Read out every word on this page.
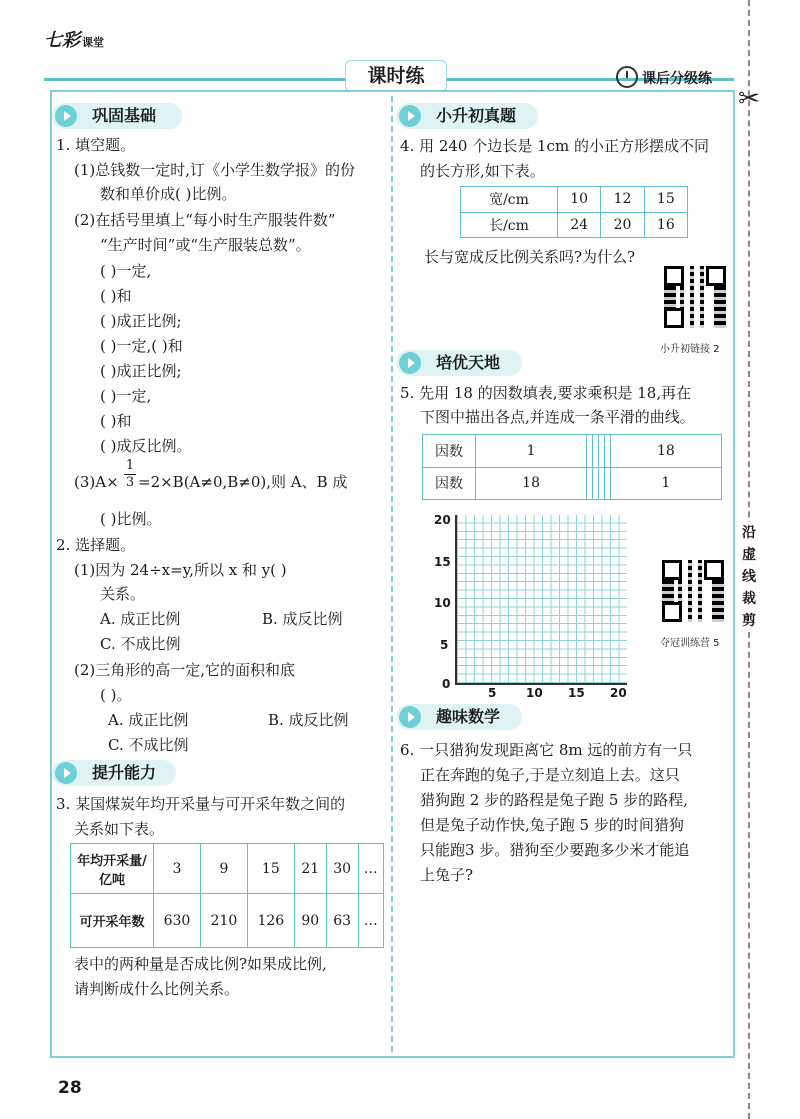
七彩 课堂
课时练	课后分级练
✂
沿虚线裁剪
巩固基础
1. 填空题。
(1)总钱数一定时,订《小学生数学报》的份
数和单价成( )比例。
(2)在括号里填上“每小时生产服装件数”
“生产时间”或“生产服装总数”。
( )一定,
( )和
( )成正比例;
( )一定,( )和
( )成正比例;
( )一定,
( )和
( )成反比例。
(3)A×
1
3 =2×B(A≠0,B≠0),则 A、B 成
( )比例。
2. 选择题。
(1)因为 24÷x=y,所以 x 和 y( )
关系。
A. 成正比例	B. 成反比例
C. 不成比例
(2)三角形的高一定,它的面积和底
( )。
A. 成正比例	B. 成反比例
C. 不成比例
提升能力
3. 某国煤炭年均开采量与可开采年数之间的
关系如下表。
年均开采量/亿吨	3	9	15	21	30	…
可开采年数	630	210	126	90	63	…
表中的两种量是否成比例?如果成比例,
请判断成什么比例关系。
小升初真题
4. 用 240 个边长是 1cm 的小正方形摆成不同
的长方形,如下表。
宽/cm	10	12	15
长/cm	24	20	16
长与宽成反比例关系吗?为什么?
小升初链接 2
培优天地
5. 先用 18 的因数填表,要求乘积是 18,再在
下图中描出各点,并连成一条平滑的曲线。
因数	1					18
因数	18					1
20
15
10
5
0
5 10 15 20
夺冠训练营 5
趣味数学
6. 一只猎狗发现距离它 8m 远的前方有一只
正在奔跑的兔子,于是立刻追上去。这只
猎狗跑 2 步的路程是兔子跑 5 步的路程,
但是兔子动作快,兔子跑 5 步的时间猎狗
只能跑3 步。猎狗至少要跑多少米才能追
上兔子?
28
